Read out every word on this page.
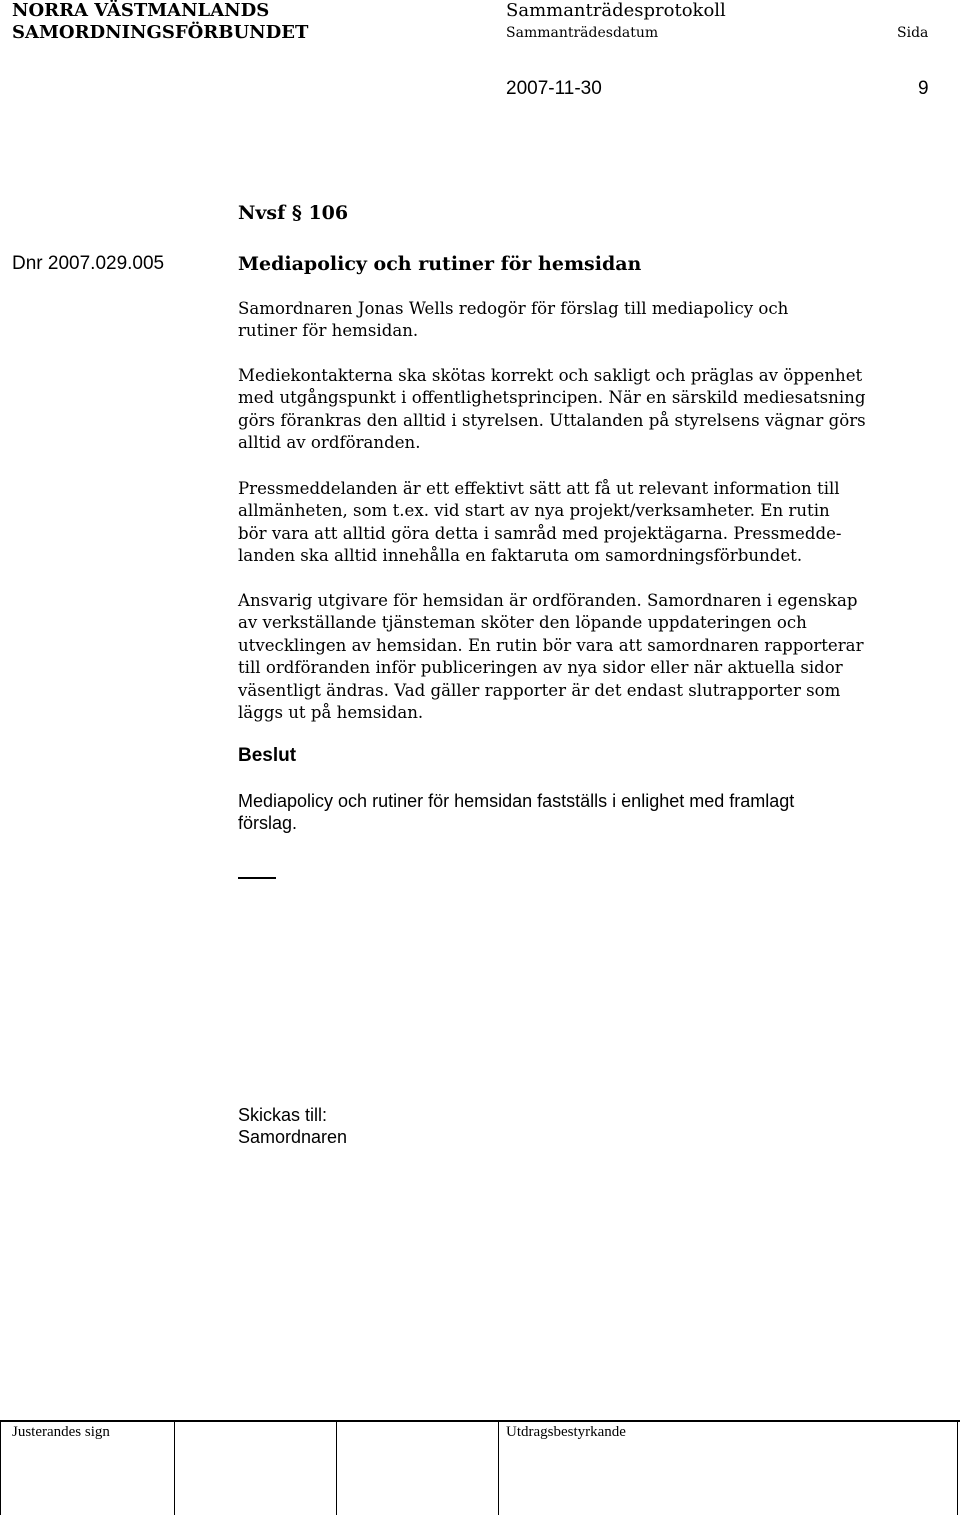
NORRA VÄSTMANLANDS
SAMORDNINGSFÖRBUNDET
Sammanträdesprotokoll
Sammanträdesdatum	Sida
2007-11-30	9
Nvsf § 106
Dnr 2007.029.005	Mediapolicy och rutiner för hemsidan

Samordnaren Jonas Wells redogör för förslag till mediapolicy och

rutiner för hemsidan.

Mediekontakterna ska skötas korrekt och sakligt och präglas av öppenhet

med utgångspunkt i offentlighetsprincipen. När en särskild mediesatsning

görs förankras den alltid i styrelsen. Uttalanden på styrelsens vägnar görs

alltid av ordföranden.

Pressmeddelanden är ett effektivt sätt att få ut relevant information till

allmänheten, som t.ex. vid start av nya projekt/verksamheter. En rutin

bör vara att alltid göra detta i samråd med projektägarna. Pressmedde-

landen ska alltid innehålla en faktaruta om samordningsförbundet.

Ansvarig utgivare för hemsidan är ordföranden. Samordnaren i egenskap

av verkställande tjänsteman sköter den löpande uppdateringen och

utvecklingen av hemsidan. En rutin bör vara att samordnaren rapporterar

till ordföranden inför publiceringen av nya sidor eller när aktuella sidor

väsentligt ändras. Vad gäller rapporter är det endast slutrapporter som

läggs ut på hemsidan.

Beslut

Mediapolicy och rutiner för hemsidan fastställs i enlighet med framlagt

förslag.

Skickas till:

Samordnaren

Justerandes sign	Utdragsbestyrkande
